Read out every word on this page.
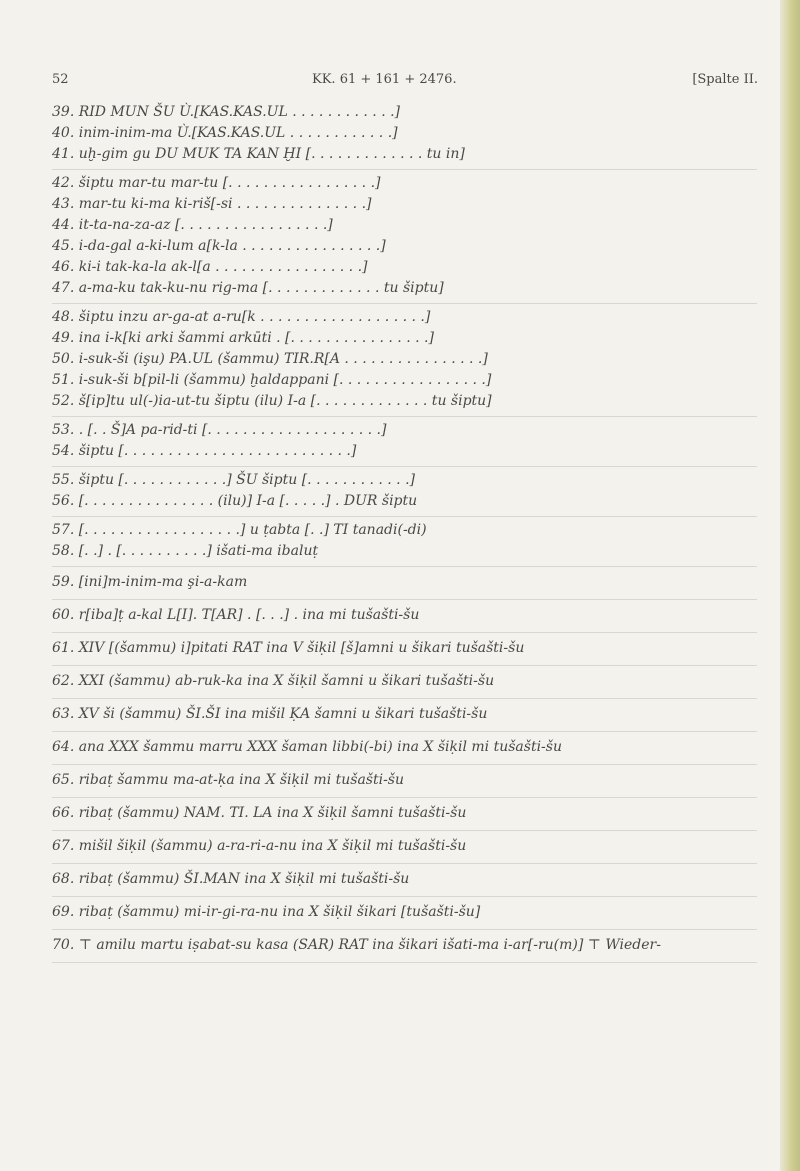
52	KK. 61 + 161 + 2476.	[Spalte II.
39. RID MUN ŠU Ù.[KAS.KAS.UL . . . . . . . . . . . .]
40. inim-inim-ma Ù.[KAS.KAS.UL . . . . . . . . . . . .]
41. uḫ-gim gu DU MUK TA KAN ḪI [. . . . . . . . . . . . . tu in]
42. šiptu mar-tu mar-tu [. . . . . . . . . . . . . . . . .]
43. mar-tu ki-ma ki-riš[-si . . . . . . . . . . . . . . .]
44. it-ta-na-za-az [. . . . . . . . . . . . . . . . .]
45. i-da-gal a-ki-lum a[k-la . . . . . . . . . . . . . . . .]
46. ki-i tak-ka-la ak-l[a . . . . . . . . . . . . . . . . .]
47. a-ma-ku tak-ku-nu rig-ma [. . . . . . . . . . . . . tu šiptu]
48. šiptu inzu ar-ga-at a-ru[k . . . . . . . . . . . . . . . . . . .]
49. ina i-k[ki arki šammi arkūti . [. . . . . . . . . . . . . . . .]
50. i-suk-ši (işu) PA.UL (šammu) TIR.R[A . . . . . . . . . . . . . . . .]
51. i-suk-ši b[pil-li (šammu) ḫaldappani [. . . . . . . . . . . . . . . . .]
52. š[ip]tu ul(-)ia-ut-tu šiptu (ilu) I-a [. . . . . . . . . . . . . tu šiptu]
53. . [. . Š]A pa-rid-ti [. . . . . . . . . . . . . . . . . . . .]
54. šiptu [. . . . . . . . . . . . . . . . . . . . . . . . . .]
55. šiptu [. . . . . . . . . . . .] ŠU šiptu [. . . . . . . . . . . .]
56. [. . . . . . . . . . . . . . . (ilu)] I-a [. . . . .] . DUR šiptu
57. [. . . . . . . . . . . . . . . . . .] u ṭabta [. .] TI tanadi(-di)
58. [. .] . [. . . . . . . . . .] išati-ma ibaluṭ
59. [ini]m-inim-ma şi-a-kam
60. r[iba]ṭ a-kal L[I]. T[AR] . [. . .] . ina mi tušašti-šu
61. XIV [(šammu) i]pitati RAT ina V šiḳil [š]amni u šikari tušašti-šu
62. XXI (šammu) ab-ruk-ka ina X šiḳil šamni u šikari tušašti-šu
63. XV ši (šammu) ŠI.ŠI ina mišil ḲA šamni u šikari tušašti-šu
64. ana XXX šammu marru XXX šaman libbi(-bi) ina X šiḳil mi tušašti-šu
65. ribaṭ šammu ma-at-ḳa ina X šiḳil mi tušašti-šu
66. ribaṭ (šammu) NAM. TI. LA ina X šiḳil šamni tušašti-šu
67. mišil šiḳil (šammu) a-ra-ri-a-nu ina X šiḳil mi tušašti-šu
68. ribaṭ (šammu) ŠI.MAN ina X šiḳil mi tušašti-šu
69. ribaṭ (šammu) mi-ir-gi-ra-nu ina X šiḳil šikari [tušašti-šu]
70. ⊤ amilu martu iṣabat-su kasa (SAR) RAT ina šikari išati-ma i-ar[-ru(m)] ⊤ Wieder-
